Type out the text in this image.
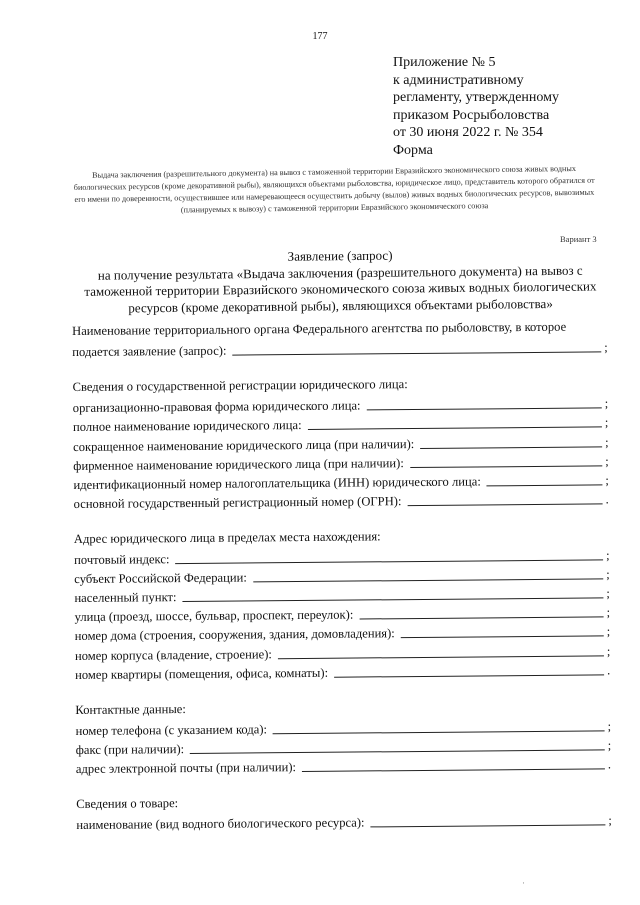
177
Приложение № 5
к административному
регламенту, утвержденному
приказом Росрыболовства
от 30 июня 2022 г. № 354
Форма
Выдача заключения (разрешительного документа) на вывоз с таможенной территории Евразийского экономического союза живых водных биологических ресурсов (кроме декоративной рыбы), являющихся объектами рыболовства, юридическое лицо, представитель которого обратился от его имени по доверенности, осуществившее или намеревающееся осуществить добычу (вылов) живых водных биологических ресурсов, вывозимых (планируемых к вывозу) с таможенной территории Евразийского экономического союза
Вариант 3
Заявление (запрос)
на получение результата «Выдача заключения (разрешительного документа) на вывоз с
таможенной территории Евразийского экономического союза живых водных биологических
ресурсов (кроме декоративной рыбы), являющихся объектами рыболовства»
Наименование территориального органа Федерального агентства по рыболовству, в которое
подается заявление (запрос):	;
Сведения о государственной регистрации юридического лица:
организационно-правовая форма юридического лица:	;
полное наименование юридического лица:	;
сокращенное наименование юридического лица (при наличии):	;
фирменное наименование юридического лица (при наличии):	;
идентификационный номер налогоплательщика (ИНН) юридического лица:	;
основной государственный регистрационный номер (ОГРН):	.
Адрес юридического лица в пределах места нахождения:
почтовый индекс:	;
субъект Российской Федерации:	;
населенный пункт:	;
улица (проезд, шоссе, бульвар, проспект, переулок):	;
номер дома (строения, сооружения, здания, домовладения):	;
номер корпуса (владение, строение):	;
номер квартиры (помещения, офиса, комнаты):	.
Контактные данные:
номер телефона (с указанием кода):	;
факс (при наличии):	;
адрес электронной почты (при наличии):	.
Сведения о товаре:
наименование (вид водного биологического ресурса):	;
·
